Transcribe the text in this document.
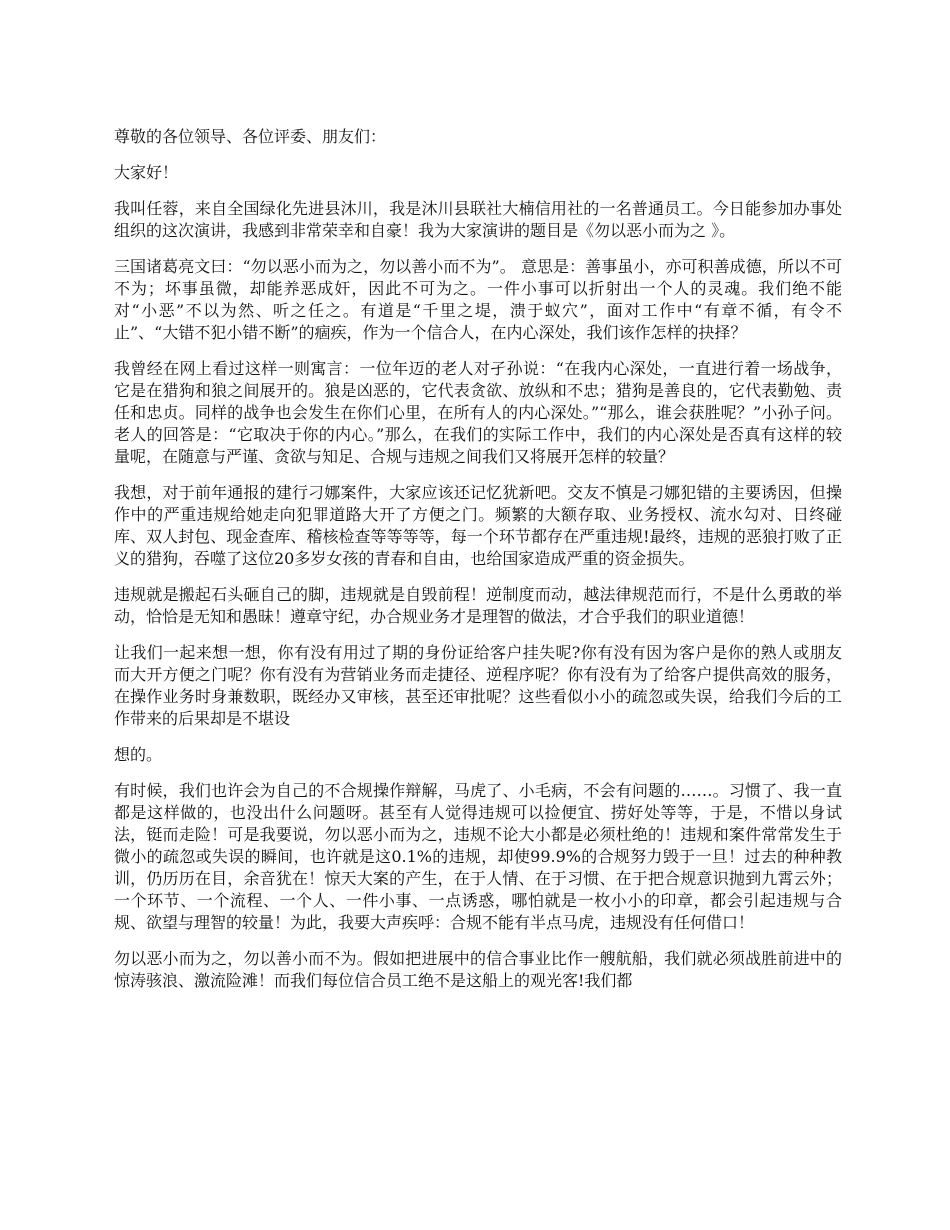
尊敬的各位领导、各位评委、朋友们：

大家好！

我叫任蓉，来自全国绿化先进县沐川，我是沐川县联社大楠信用社的一名普通员工。今日能参加办事处组织的这次演讲，我感到非常荣幸和自豪！我为大家演讲的题目是《勿以恶小而为之 》。

三国诸葛亮文曰：“勿以恶小而为之，勿以善小而不为”。 意思是：善事虽小，亦可积善成德，所以不可不为；坏事虽微，却能养恶成奸，因此不可为之。一件小事可以折射出一个人的灵魂。我们绝不能对“小恶”不以为然、听之任之。有道是“千里之堤，溃于蚁穴”，面对工作中“有章不循，有令不止”、“大错不犯小错不断”的痼疾，作为一个信合人，在内心深处，我们该作怎样的抉择？

我曾经在网上看过这样一则寓言：一位年迈的老人对孑孙说：“在我内心深处，一直进行着一场战争，它是在猎狗和狼之间展开的。狼是凶恶的，它代表贪欲、放纵和不忠；猎狗是善良的，它代表勤勉、责任和忠贞。同样的战争也会发生在你们心里，在所有人的内心深处。”“那么，谁会获胜呢？”小孙子问。老人的回答是：“它取决于你的内心。”那么，在我们的实际工作中，我们的内心深处是否真有这样的较量呢，在随意与严谨、贪欲与知足、合规与违规之间我们又将展开怎样的较量？

我想，对于前年通报的建行刁娜案件，大家应该还记忆犹新吧。交友不慎是刁娜犯错的主要诱因，但操作中的严重违规给她走向犯罪道路大开了方便之门。频繁的大额存取、业务授权、流水勾对、日终碰库、双人封包、现金查库、稽核检查等等等等，每一个环节都存在严重违规!最终，违规的恶狼打败了正义的猎狗，吞噬了这位20多岁女孩的青春和自由，也给国家造成严重的资金损失。

违规就是搬起石头砸自己的脚，违规就是自毁前程！逆制度而动，越法律规范而行，不是什么勇敢的举动，恰恰是无知和愚昧！遵章守纪，办合规业务才是理智的做法，才合乎我们的职业道德！

让我们一起来想一想，你有没有用过了期的身份证给客户挂失呢?你有没有因为客户是你的熟人或朋友而大开方便之门呢？你有没有为营销业务而走捷径、逆程序呢？你有没有为了给客户提供高效的服务，在操作业务时身兼数职，既经办又审核，甚至还审批呢？这些看似小小的疏忽或失误，给我们今后的工作带来的后果却是不堪设

想的。

有时候，我们也许会为自己的不合规操作辩解，马虎了、小毛病，不会有问题的……。习惯了、我一直都是这样做的，也没出什么问题呀。甚至有人觉得违规可以捡便宜、捞好处等等，于是，不惜以身试法，铤而走险！可是我要说，勿以恶小而为之，违规不论大小都是必须杜绝的！违规和案件常常发生于微小的疏忽或失误的瞬间，也许就是这0.1%的违规，却使99.9%的合规努力毁于一旦！过去的种种教训，仍历历在目，余音犹在！惊天大案的产生，在于人情、在于习惯、在于把合规意识抛到九霄云外；一个环节、一个流程、一个人、一件小事、一点诱惑，哪怕就是一枚小小的印章，都会引起违规与合规、欲望与理智的较量！为此，我要大声疾呼：合规不能有半点马虎，违规没有任何借口！

勿以恶小而为之，勿以善小而不为。假如把进展中的信合事业比作一艘航船，我们就必须战胜前进中的惊涛骇浪、激流险滩！而我们每位信合员工绝不是这船上的观光客!我们都
